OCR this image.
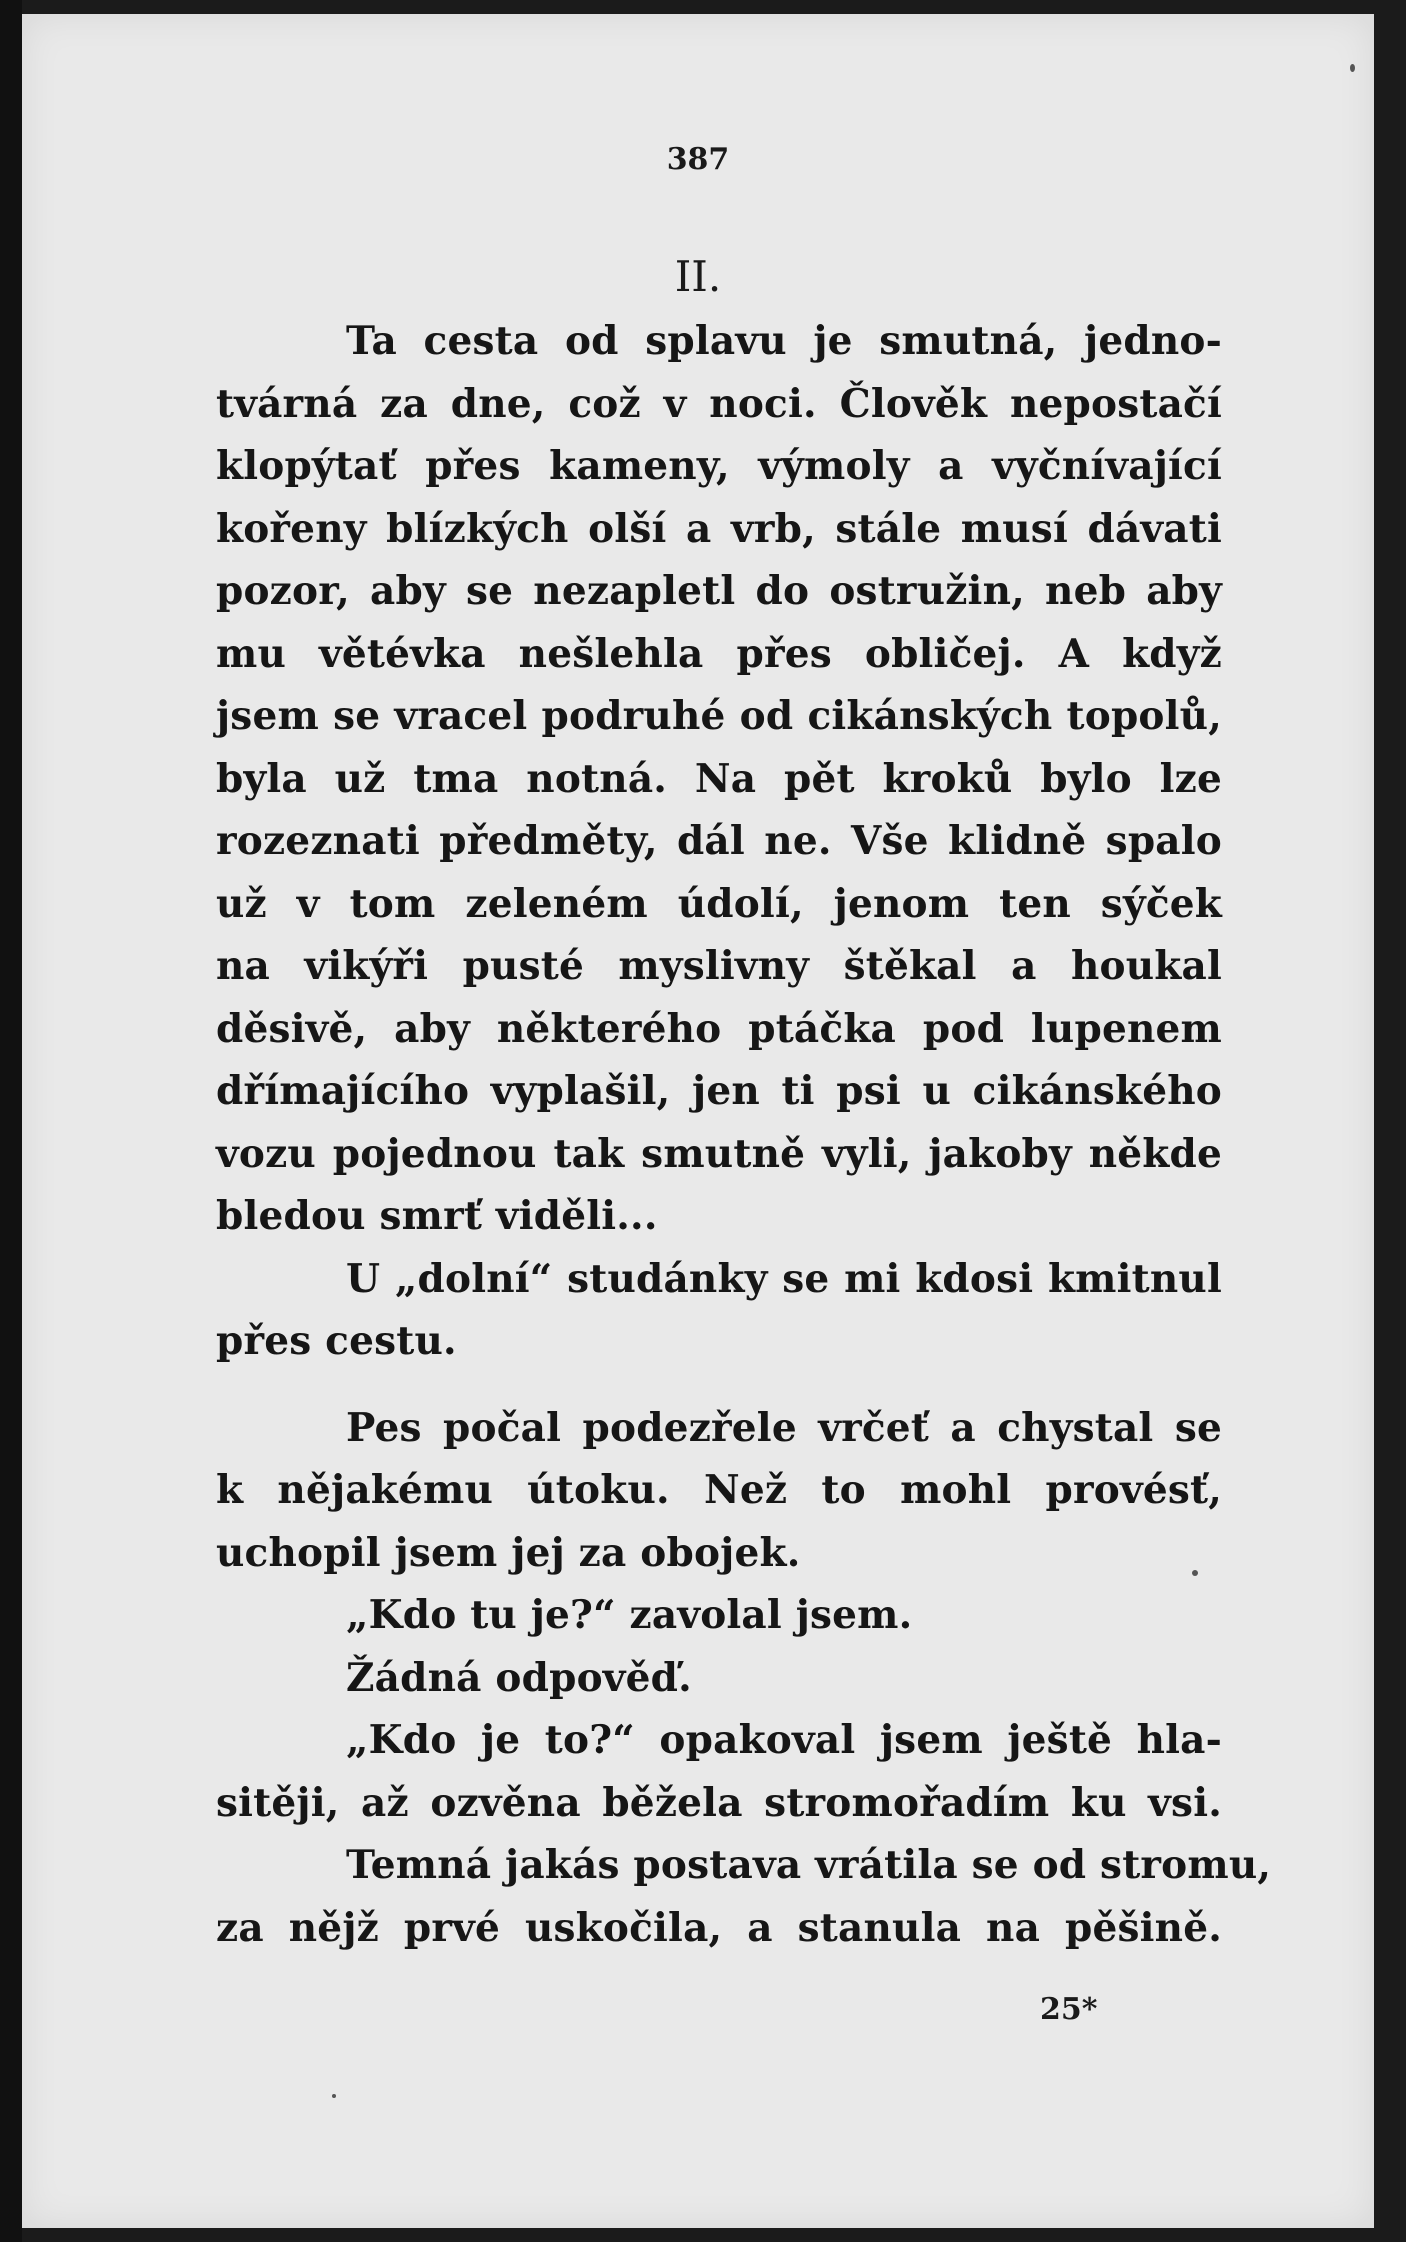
387
II.
Ta cesta od splavu je smutná, jedno-
tvárná za dne, což v noci. Člověk nepostačí
klopýtať přes kameny, výmoly a vyčnívající
kořeny blízkých olší a vrb, stále musí dávati
pozor, aby se nezapletl do ostružin, neb aby
mu větévka nešlehla přes obličej. A když
jsem se vracel podruhé od cikánských topolů,
byla už tma notná. Na pět kroků bylo lze
rozeznati předměty, dál ne. Vše klidně spalo
už v tom zeleném údolí, jenom ten sýček
na vikýři pusté myslivny štěkal a houkal
děsivě, aby některého ptáčka pod lupenem
dřímajícího vyplašil, jen ti psi u cikánského
vozu pojednou tak smutně vyli, jakoby někde
bledou smrť viděli...
U „dolní“ studánky se mi kdosi kmitnul
přes cestu.
Pes počal podezřele vrčeť a chystal se
k nějakému útoku. Než to mohl provésť,
uchopil jsem jej za obojek.
„Kdo tu je?“ zavolal jsem.
Žádná odpověď.
„Kdo je to?“ opakoval jsem ještě hla-
sitěji, až ozvěna běžela stromořadím ku vsi.
Temná jakás postava vrátila se od stromu,
za nějž prvé uskočila, a stanula na pěšině.
25*
